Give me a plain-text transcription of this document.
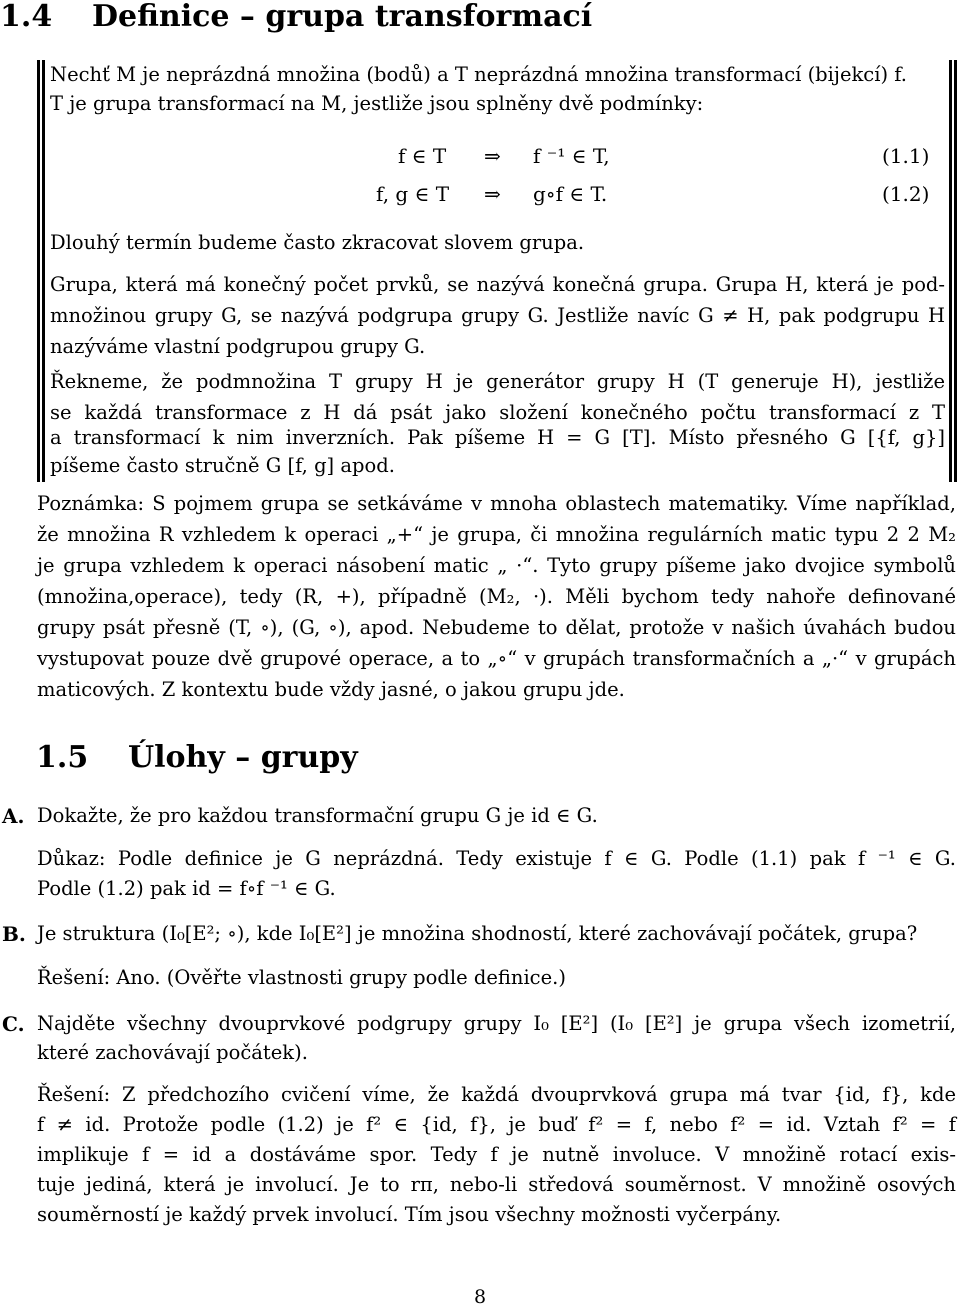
1.4 Definice – grupa transformací

Nechť M je neprázdná množina (bodů) a T neprázdná množina transformací (bijekcí) f.

T je grupa transformací na M, jestliže jsou splněny dvě podmínky:

f ∈ T ⇒ f ⁻¹ ∈ T,	(1.1)
f, g ∈ T ⇒ g∘f ∈ T.	(1.2)

Dlouhý termín budeme často zkracovat slovem grupa.

Grupa, která má konečný počet prvků, se nazývá konečná grupa. Grupa H, která je pod-

množinou grupy G, se nazývá podgrupa grupy G. Jestliže navíc G ≠ H, pak podgrupu H

nazýváme vlastní podgrupou grupy G.

Řekneme, že podmnožina T grupy H je generátor grupy H (T generuje H), jestliže

se každá transformace z H dá psát jako složení konečného počtu transformací z T

a transformací k nim inverzních. Pak píšeme H = G [T]. Místo přesného G [{f, g}]

píšeme často stručně G [f, g] apod.

Poznámka: S pojmem grupa se setkáváme v mnoha oblastech matematiky. Víme například,

že množina R vzhledem k operaci „+“ je grupa, či množina regulárních matic typu 2 2 M₂

je grupa vzhledem k operaci násobení matic „ ·“. Tyto grupy píšeme jako dvojice symbolů

(množina,operace), tedy (R, +), případně (M₂, ·). Měli bychom tedy nahoře definované

grupy psát přesně (T, ∘), (G, ∘), apod. Nebudeme to dělat, protože v našich úvahách budou

vystupovat pouze dvě grupové operace, a to „∘“ v grupách transformačních a „·“ v grupách

maticových. Z kontextu bude vždy jasné, o jakou grupu jde.

1.5 Úlohy – grupy
A. Dokažte, že pro každou transformační grupu G je id ∈ G.

Důkaz: Podle definice je G neprázdná. Tedy existuje f ∈ G. Podle (1.1) pak f ⁻¹ ∈ G.

Podle (1.2) pak id = f∘f ⁻¹ ∈ G.

B. Je struktura (I₀[E²; ∘), kde I₀[E²] je množina shodností, které zachovávají počátek, grupa?

Řešení: Ano. (Ověřte vlastnosti grupy podle definice.)

C. Najděte všechny dvouprvkové podgrupy grupy I₀ [E²] (I₀ [E²] je grupa všech izometrií,

které zachovávají počátek).

Řešení: Z předchozího cvičení víme, že každá dvouprvková grupa má tvar {id, f}, kde

f ≠ id. Protože podle (1.2) je f² ∈ {id, f}, je buď f² = f, nebo f² = id. Vztah f² = f

implikuje f = id a dostáváme spor. Tedy f je nutně involuce. V množině rotací exis-

tuje jediná, která je involucí. Je to rπ, nebo-li středová souměrnost. V množině osových

souměrností je každý prvek involucí. Tím jsou všechny možnosti vyčerpány.

8
